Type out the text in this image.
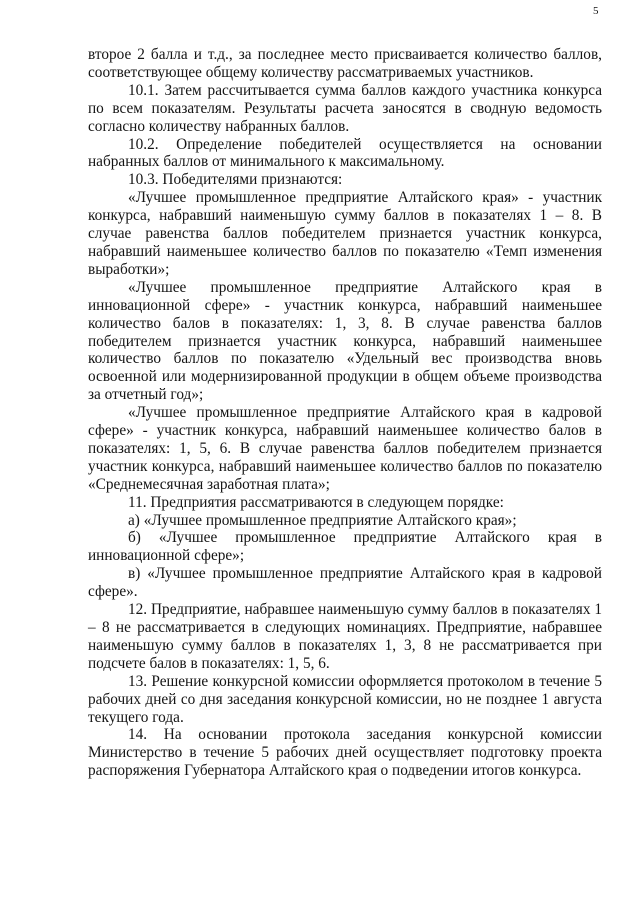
5

второе 2 балла и т.д., за последнее место присваивается количество баллов, соответствующее общему количеству рассматриваемых участников.

10.1. Затем рассчитывается сумма баллов каждого участника конкурса по всем показателям. Результаты расчета заносятся в сводную ведомость согласно количеству набранных баллов.

10.2. Определение победителей осуществляется на основании набранных баллов от минимального к максимальному.

10.3. Победителями признаются:

«Лучшее промышленное предприятие Алтайского края» - участник конкурса, набравший наименьшую сумму баллов в показателях 1 – 8. В случае равенства баллов победителем признается участник конкурса, набравший наименьшее количество баллов по показателю «Темп изменения выработки»;

«Лучшее промышленное предприятие Алтайского края в инновационной сфере» - участник конкурса, набравший наименьшее количество балов в показателях: 1, 3, 8. В случае равенства баллов победителем признается участник конкурса, набравший наименьшее количество баллов по показателю «Удельный вес производства вновь освоенной или модернизированной продукции в общем объеме производства за отчетный год»;

«Лучшее промышленное предприятие Алтайского края в кадровой сфере» - участник конкурса, набравший наименьшее количество балов в показателях: 1, 5, 6. В случае равенства баллов победителем признается участник конкурса, набравший наименьшее количество баллов по показателю «Среднемесячная заработная плата»;

11. Предприятия рассматриваются в следующем порядке:

а) «Лучшее промышленное предприятие Алтайского края»;

б) «Лучшее промышленное предприятие Алтайского края в инновационной сфере»;

в) «Лучшее промышленное предприятие Алтайского края в кадровой сфере».

12. Предприятие, набравшее наименьшую сумму баллов в показателях 1 – 8 не рассматривается в следующих номинациях. Предприятие, набравшее наименьшую сумму баллов в показателях 1, 3, 8 не рассматривается при подсчете балов в показателях: 1, 5, 6.

13. Решение конкурсной комиссии оформляется протоколом в течение 5 рабочих дней со дня заседания конкурсной комиссии, но не позднее 1 августа текущего года.

14. На основании протокола заседания конкурсной комиссии Министерство в течение 5 рабочих дней осуществляет подготовку проекта распоряжения Губернатора Алтайского края о подведении итогов конкурса.
